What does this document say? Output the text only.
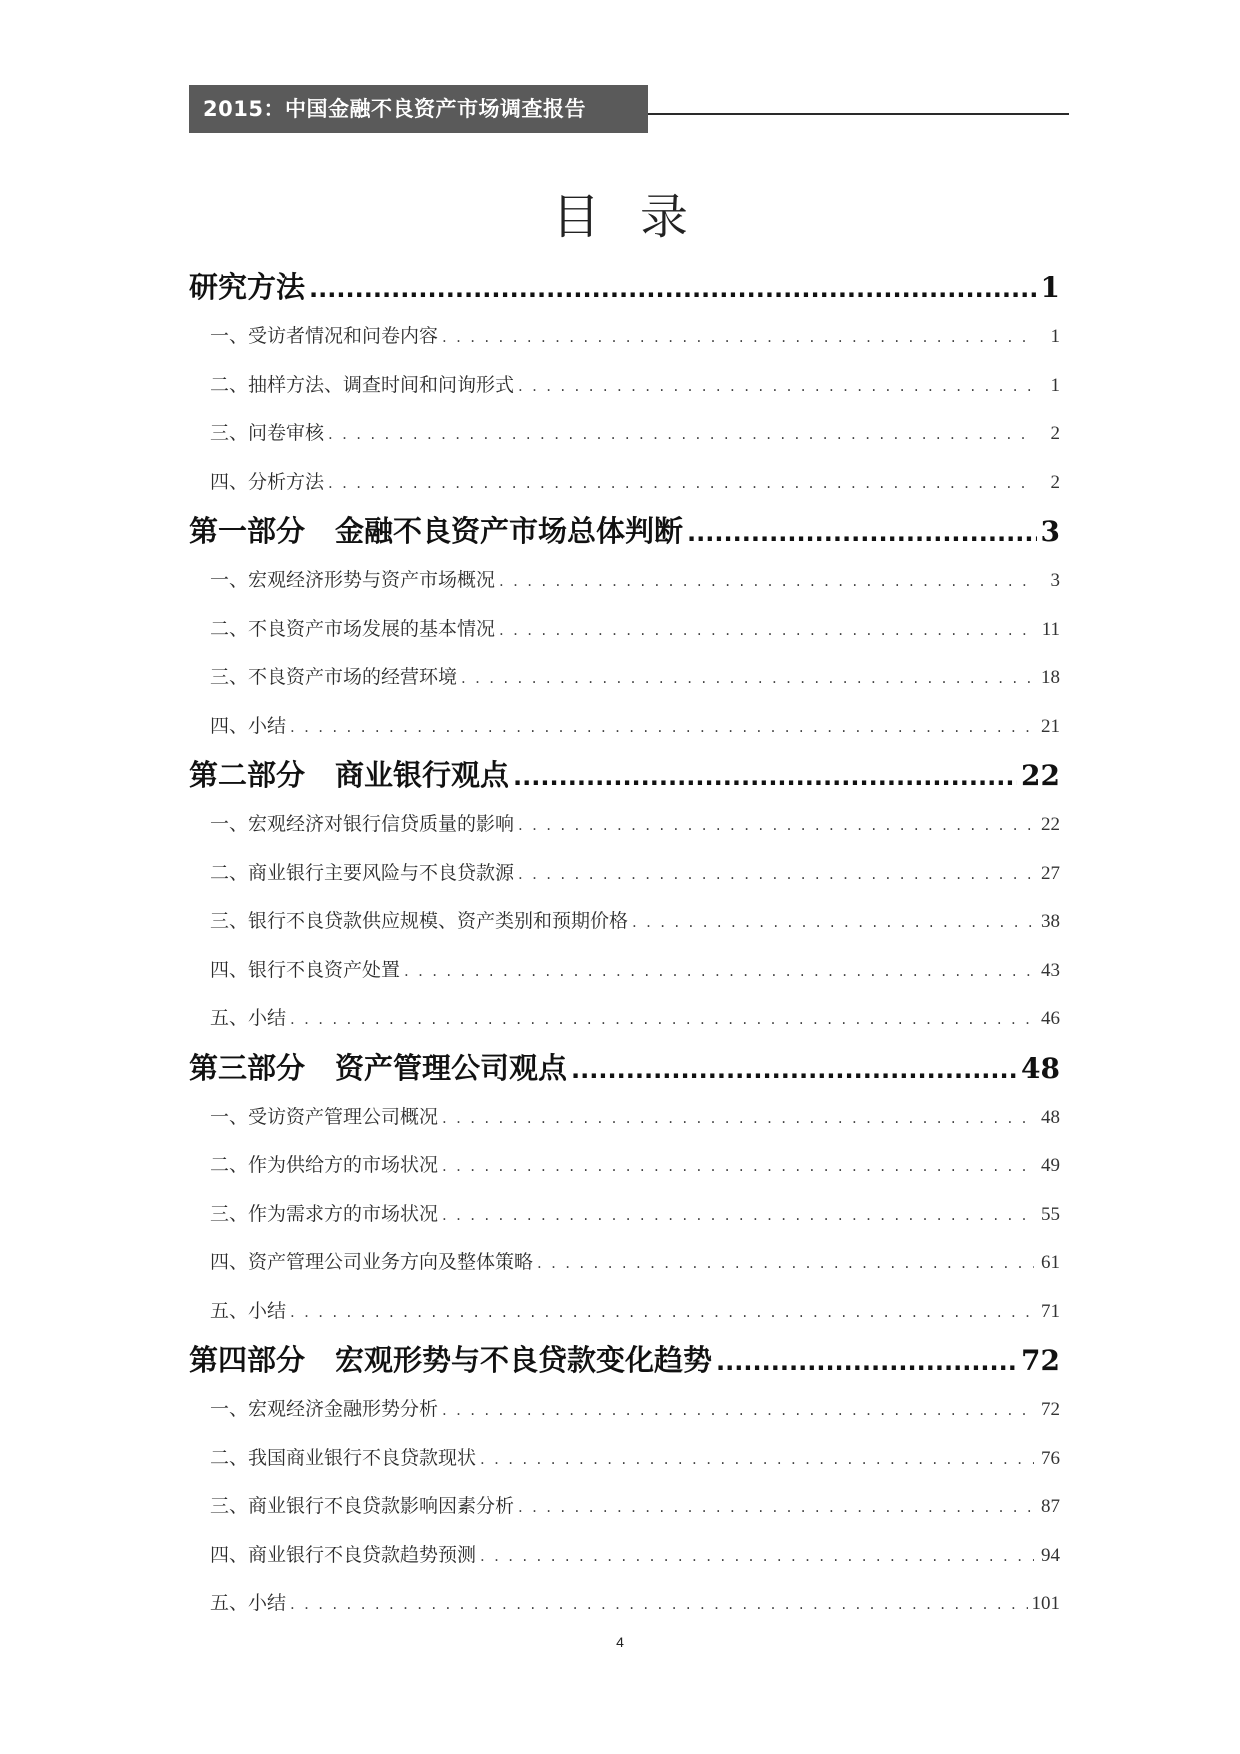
2015：中国金融不良资产市场调查报告
目录
研究方法 .....	1
一、受访者情况和问卷内容 . . .	1
二、抽样方法、调查时间和问询形式 . . .	1
三、问卷审核 . . .	2
四、分析方法 . . .	2
第一部分 金融不良资产市场总体判断 .....	3
一、宏观经济形势与资产市场概况 . . .	3
二、不良资产市场发展的基本情况 . . .	11
三、不良资产市场的经营环境 . . .	18
四、小结 . . .	21
第二部分 商业银行观点 .....	22
一、宏观经济对银行信贷质量的影响 . . .	22
二、商业银行主要风险与不良贷款源 . . .	27
三、银行不良贷款供应规模、资产类别和预期价格 . . .	38
四、银行不良资产处置 . . .	43
五、小结 . . .	46
第三部分 资产管理公司观点 .....	48
一、受访资产管理公司概况 . . .	48
二、作为供给方的市场状况 . . .	49
三、作为需求方的市场状况 . . .	55
四、资产管理公司业务方向及整体策略 . . .	61
五、小结 . . .	71
第四部分 宏观形势与不良贷款变化趋势 .....	72
一、宏观经济金融形势分析 . . .	72
二、我国商业银行不良贷款现状 . . .	76
三、商业银行不良贷款影响因素分析 . . .	87
四、商业银行不良贷款趋势预测 . . .	94
五、小结 . . .	101
4
